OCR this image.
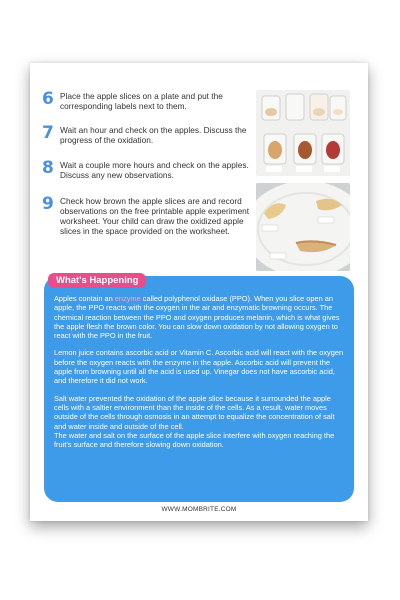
6 Place the apple slices on a plate and put the corresponding labels next to them.
7 Wait an hour and check on the apples. Discuss the progress of the oxidation.
8 Wait a couple more hours and check on the apples. Discuss any new observations.
9 Check how brown the apple slices are and record observations on the free printable apple experiment worksheet. Your child can draw the oxidized apple slices in the space provided on the worksheet.
What's Happening

Apples contain an enzyme called polyphenol oxidase (PPO). When you slice open an apple, the PPO reacts with the oxygen in the air and enzymatic browning occurs. The chemical reaction between the PPO and oxygen produces melanin, which is what gives the apple flesh the brown color. You can slow down oxidation by not allowing oxygen to react with the PPO in the fruit.

Lemon juice contains ascorbic acid or Vitamin C. Ascorbic acid will react with the oxygen before the oxygen reacts with the enzyme in the apple. Ascorbic acid will prevent the apple from browning until all the acid is used up. Vinegar does not have ascorbic acid, and therefore it did not work.

Salt water prevented the oxidation of the apple slice because it surrounded the apple cells with a saltier environment than the inside of the cells. As a result, water moves outside of the cells through osmosis in an attempt to equalize the concentration of salt and water inside and outside of the cell.

The water and salt on the surface of the apple slice interfere with oxygen reaching the fruit's surface and therefore slowing down oxidation.

WWW.MOMBRITE.COM
